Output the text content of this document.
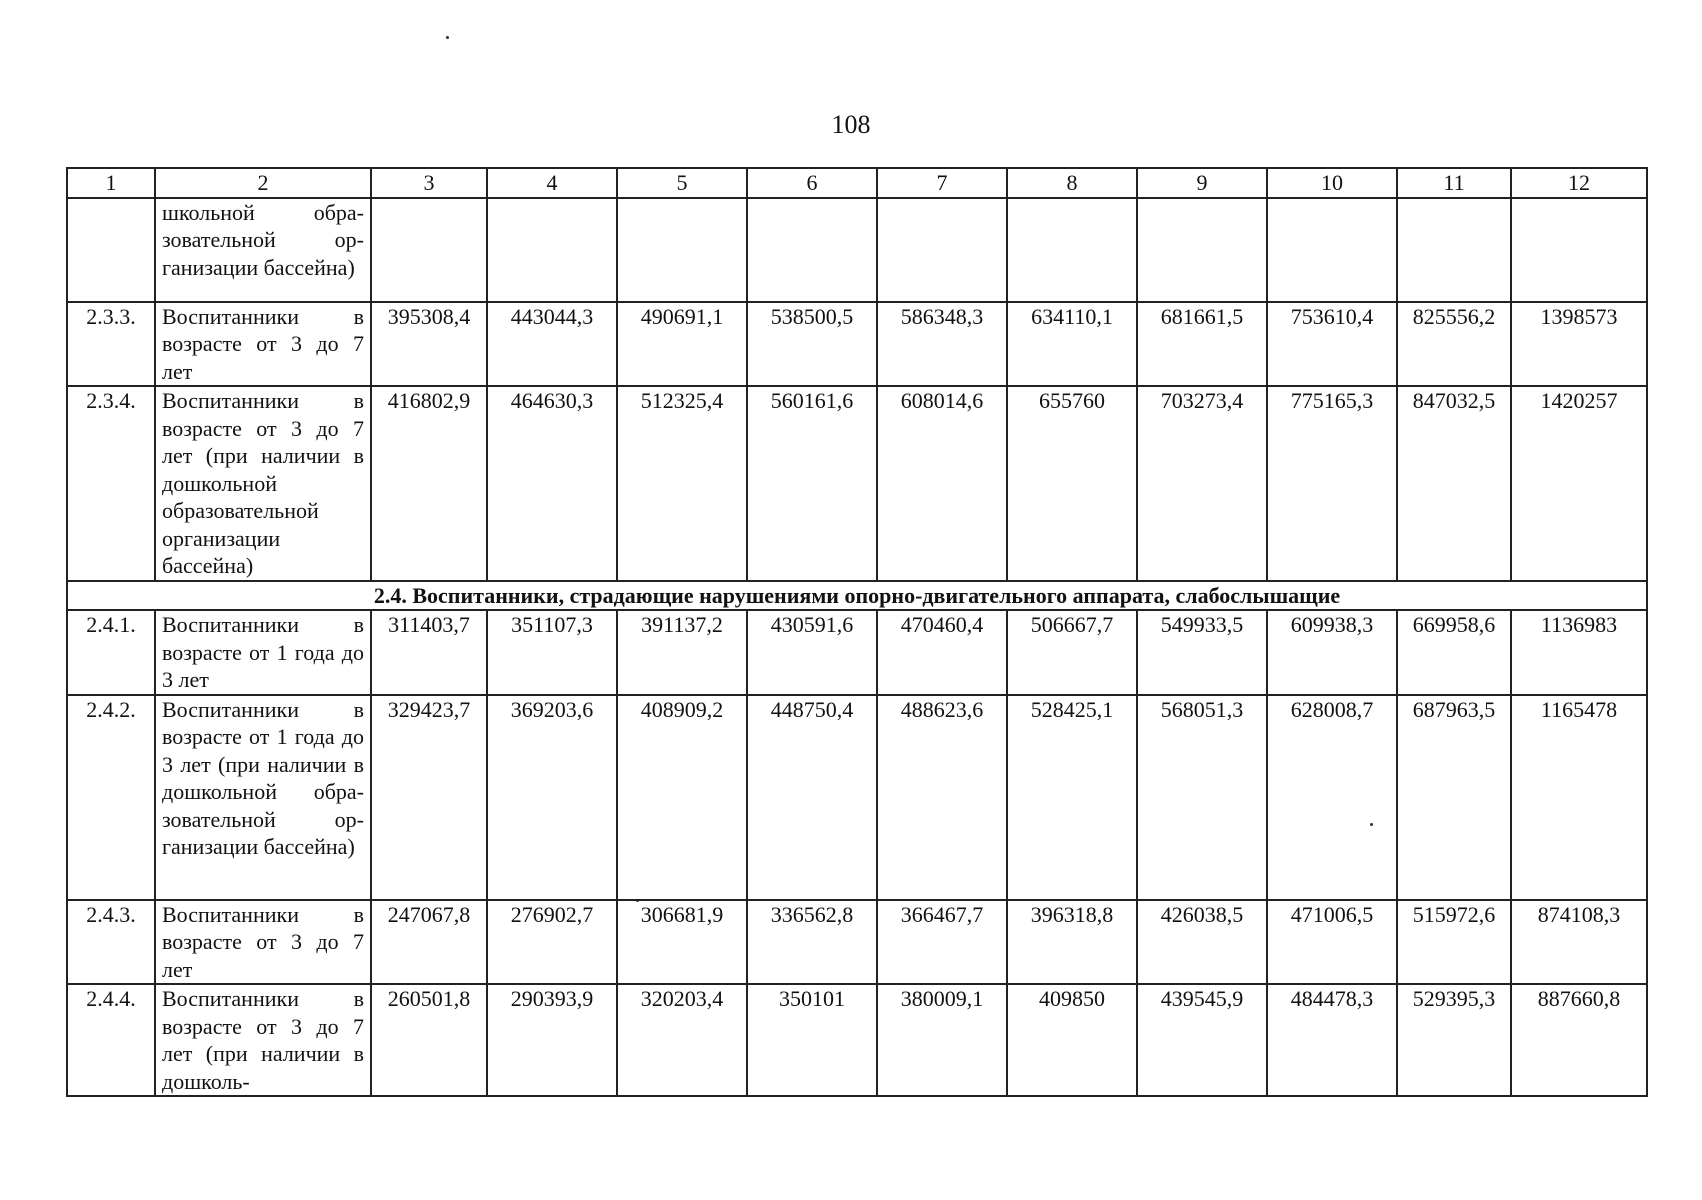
108
1	2	3	4	5	6	7	8	9	10	11	12
	школьной образовательной организации бассейна)										
2.3.3.	Воспитанники в возрасте от 3 до 7 лет	395308,4	443044,3	490691,1	538500,5	586348,3	634110,1	681661,5	753610,4	825556,2	1398573
2.3.4.	Воспитанники в возрасте от 3 до 7 лет (при наличии в дошкольной образовательной организации бассейна)	416802,9	464630,3	512325,4	560161,6	608014,6	655760	703273,4	775165,3	847032,5	1420257
2.4. Воспитанники, страдающие нарушениями опорно-двигательного аппарата, слабослышащие											
2.4.1.	Воспитанники в возрасте от 1 года до 3 лет	311403,7	351107,3	391137,2	430591,6	470460,4	506667,7	549933,5	609938,3	669958,6	1136983
2.4.2.	Воспитанники в возрасте от 1 года до 3 лет (при наличии в дошкольной образовательной организации бассейна)	329423,7	369203,6	408909,2	448750,4	488623,6	528425,1	568051,3	628008,7	687963,5	1165478
2.4.3.	Воспитанники в возрасте от 3 до 7 лет	247067,8	276902,7	306681,9	336562,8	366467,7	396318,8	426038,5	471006,5	515972,6	874108,3
2.4.4.	Воспитанники в возрасте от 3 до 7 лет (при наличии в дошколь-	260501,8	290393,9	320203,4	350101	380009,1	409850	439545,9	484478,3	529395,3	887660,8
